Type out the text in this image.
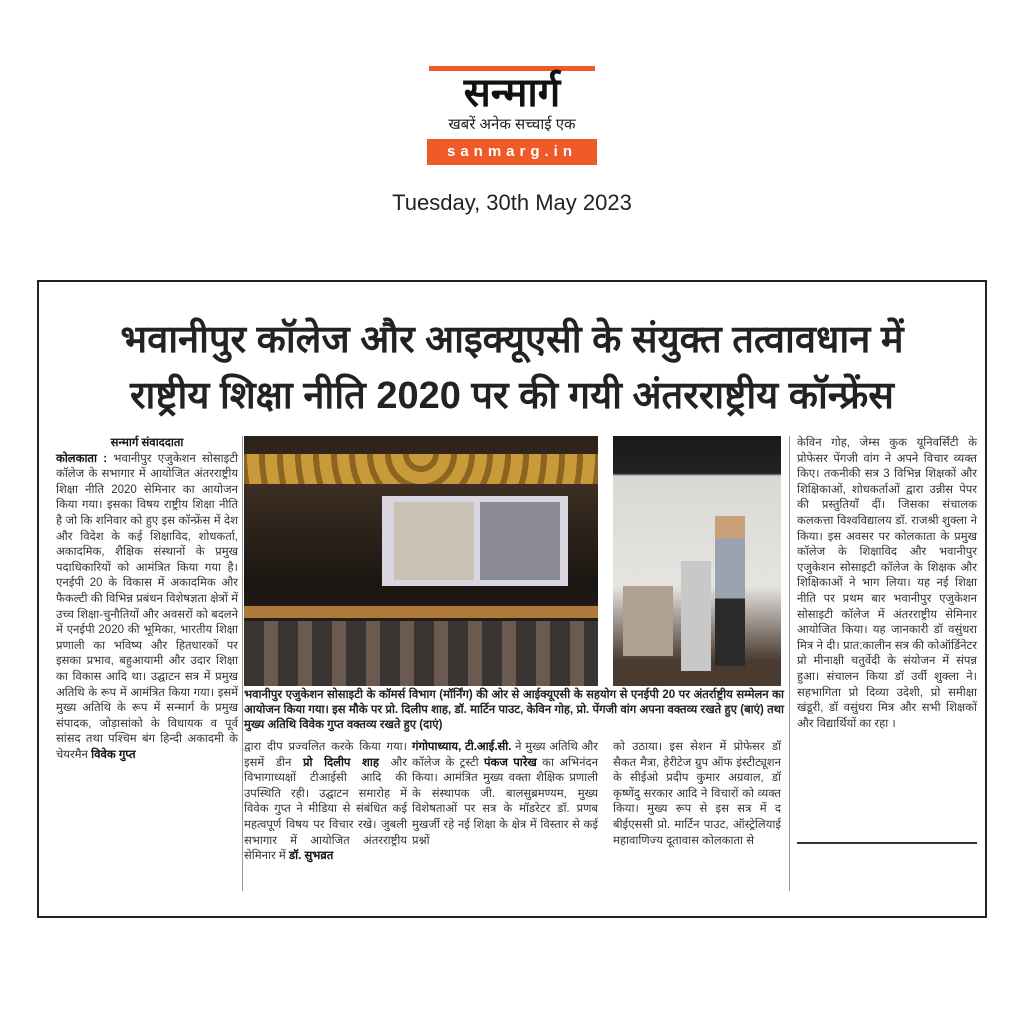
सन्मार्ग
खबरें अनेक सच्चाई एक
sanmarg.in
Tuesday, 30th May 2023
भवानीपुर कॉलेज और आइक्यूएसी के संयुक्त तत्वावधान में
राष्ट्रीय शिक्षा नीति 2020 पर की गयी अंतरराष्ट्रीय कॉन्फ्रेंस
सन्मार्ग संवाददाता
कोलकाता : भवानीपुर एजुकेशन सोसाइटी कॉलेज के सभागार में आयोजित अंतरराष्ट्रीय शिक्षा नीति 2020 सेमिनार का आयोजन किया गया। इसका विषय राष्ट्रीय शिक्षा नीति है जो कि शनिवार को हुए इस कॉन्फ्रेंस में देश और विदेश के कई शिक्षाविद, शोधकर्ता, अकादमिक, शैक्षिक संस्थानों के प्रमुख पदाधिकारियों को आमंत्रित किया गया है। एनईपी 20 के विकास में अकादमिक और फैकल्टी की विभिन्न प्रबंधन विशेषज्ञता क्षेत्रों में उच्च शिक्षा-चुनौतियों और अवसरों को बदलने में एनईपी 2020 की भूमिका, भारतीय शिक्षा प्रणाली का भविष्य और हितधारकों पर इसका प्रभाव, बहुआयामी और उदार शिक्षा का विकास आदि था। उद्घाटन सत्र में प्रमुख अतिथि के रूप में आमंत्रित किया गया। इसमें मुख्य अतिथि के रूप में सन्मार्ग के प्रमुख संपादक, जोड़ासांको के विधायक व पूर्व सांसद तथा पश्चिम बंग हिन्दी अकादमी के चेयरमैन विवेक गुप्त
भवानीपुर एजुकेशन सोसाइटी के कॉमर्स विभाग (मॉर्निंग) की ओर से आईक्यूएसी के सहयोग से एनईपी 20 पर अंतर्राष्ट्रीय सम्मेलन का आयोजन किया गया। इस मौके पर प्रो. दिलीप शाह, डॉ. मार्टिन पाउट, केविन गोह, प्रो. पेंगजी वांग अपना वक्तव्य रखते हुए (बाएं) तथा मुख्य अतिथि विवेक गुप्त वक्तव्य रखते हुए (दाएं)
द्वारा दीप प्रज्वलित करके किया गया। इसमें डीन प्रो दिलीप शाह और विभागाध्यक्षों टीआईसी आदि की उपस्थिति रही। उद्घाटन समारोह में विवेक गुप्त ने मीडिया से संबंधित कई महत्वपूर्ण विषय पर विचार रखे। जुबली सभागार में आयोजित अंतरराष्ट्रीय सेमिनार में डॉ. सुभव्रत
गंगोपाध्याय, टी.आई.सी. ने मुख्य अतिथि और कॉलेज के ट्रस्टी पंकज पारेख का अभिनंदन किया। आमंत्रित मुख्य वक्ता शैक्षिक प्रणाली के संस्थापक जी. बालसुब्रमण्यम, मुख्य विशेषताओं पर सत्र के मॉडरेटर डॉ. प्रणब मुखर्जी रहे नई शिक्षा के क्षेत्र में विस्तार से कई प्रश्नों
को उठाया। इस सेशन में प्रोफेसर डॉ सैकत मैत्रा, हेरीटेज ग्रुप ऑफ इंस्टीट्यूशन के सीईओ प्रदीप कुमार अग्रवाल, डॉ कृष्णेंदु सरकार आदि ने विचारों को व्यक्त किया। मुख्य रूप से इस सत्र में द बीईएससी प्रो. मार्टिन पाउट, ऑस्ट्रेलियाई महावाणिज्य दूतावास कोलकाता से
केविन गोह, जेम्स कुक यूनिवर्सिटी के प्रोफेसर पेंगजी वांग ने अपने विचार व्यक्त किए। तकनीकी सत्र 3 विभिन्न शिक्षकों और शिक्षिकाओं, शोधकर्ताओं द्वारा उन्नीस पेपर की प्रस्तुतियाँ दीं। जिसका संचालक कलकत्ता विश्वविद्यालय डॉ. राजश्री शुक्ला ने किया। इस अवसर पर कोलकाता के प्रमुख कॉलेज के शिक्षाविद और भवानीपुर एजुकेशन सोसाइटी कॉलेज के शिक्षक और शिक्षिकाओं ने भाग लिया। यह नई शिक्षा नीति पर प्रथम बार भवानीपुर एजुकेशन सोसाइटी कॉलेज में अंतरराष्ट्रीय सेमिनार आयोजित किया। यह जानकारी डॉ वसुंधरा मित्र ने दी। प्रात:कालीन सत्र की कोऑर्डिनेटर प्रो मीनाक्षी चतुर्वेदी के संयोजन में संपन्न हुआ। संचालन किया डॉ उर्वी शुक्ला ने। सहभागिता प्रो दिव्या उदेशी, प्रो समीक्षा खंडूरी, डॉ वसुंधरा मित्र और सभी शिक्षकों और विद्यार्थियों का रहा ।
